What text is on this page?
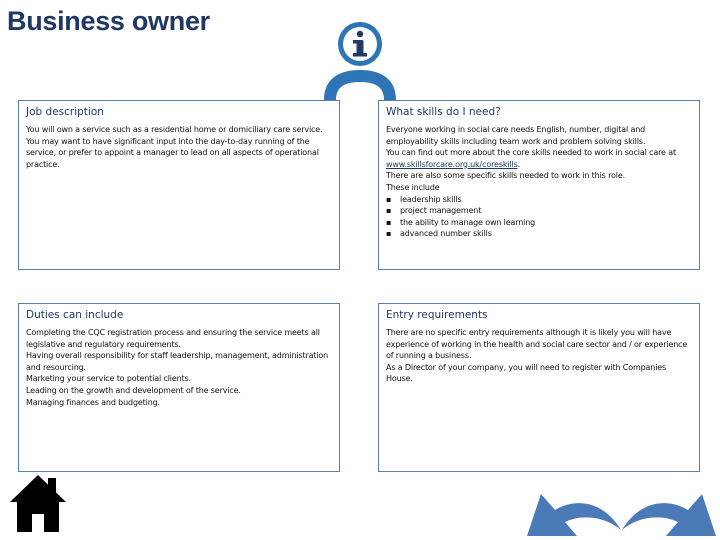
Business owner
Job description

You will own a service such as a residential home or domiciliary care service. You may want to have significant input into the day-to-day running of the service, or prefer to appoint a manager to lead on all aspects of operational practice.

What skills do I need?

Everyone working in social care needs English, number, digital and employability skills including team work and problem solving skills.

You can find out more about the core skills needed to work in social care at www.skillsforcare.org.uk/coreskills.

There are also some specific skills needed to work in this role.

These include

▪ leadership skills
▪ project management
▪ the ability to manage own learning
▪ advanced number skills
Duties can include

Completing the CQC registration process and ensuring the service meets all legislative and regulatory requirements.

Having overall responsibility for staff leadership, management, administration and resourcing.

Marketing your service to potential clients.

Leading on the growth and development of the service.

Managing finances and budgeting.

Entry requirements

There are no specific entry requirements although it is likely you will have experience of working in the health and social care sector and / or experience of running a business.

As a Director of your company, you will need to register with Companies House.
